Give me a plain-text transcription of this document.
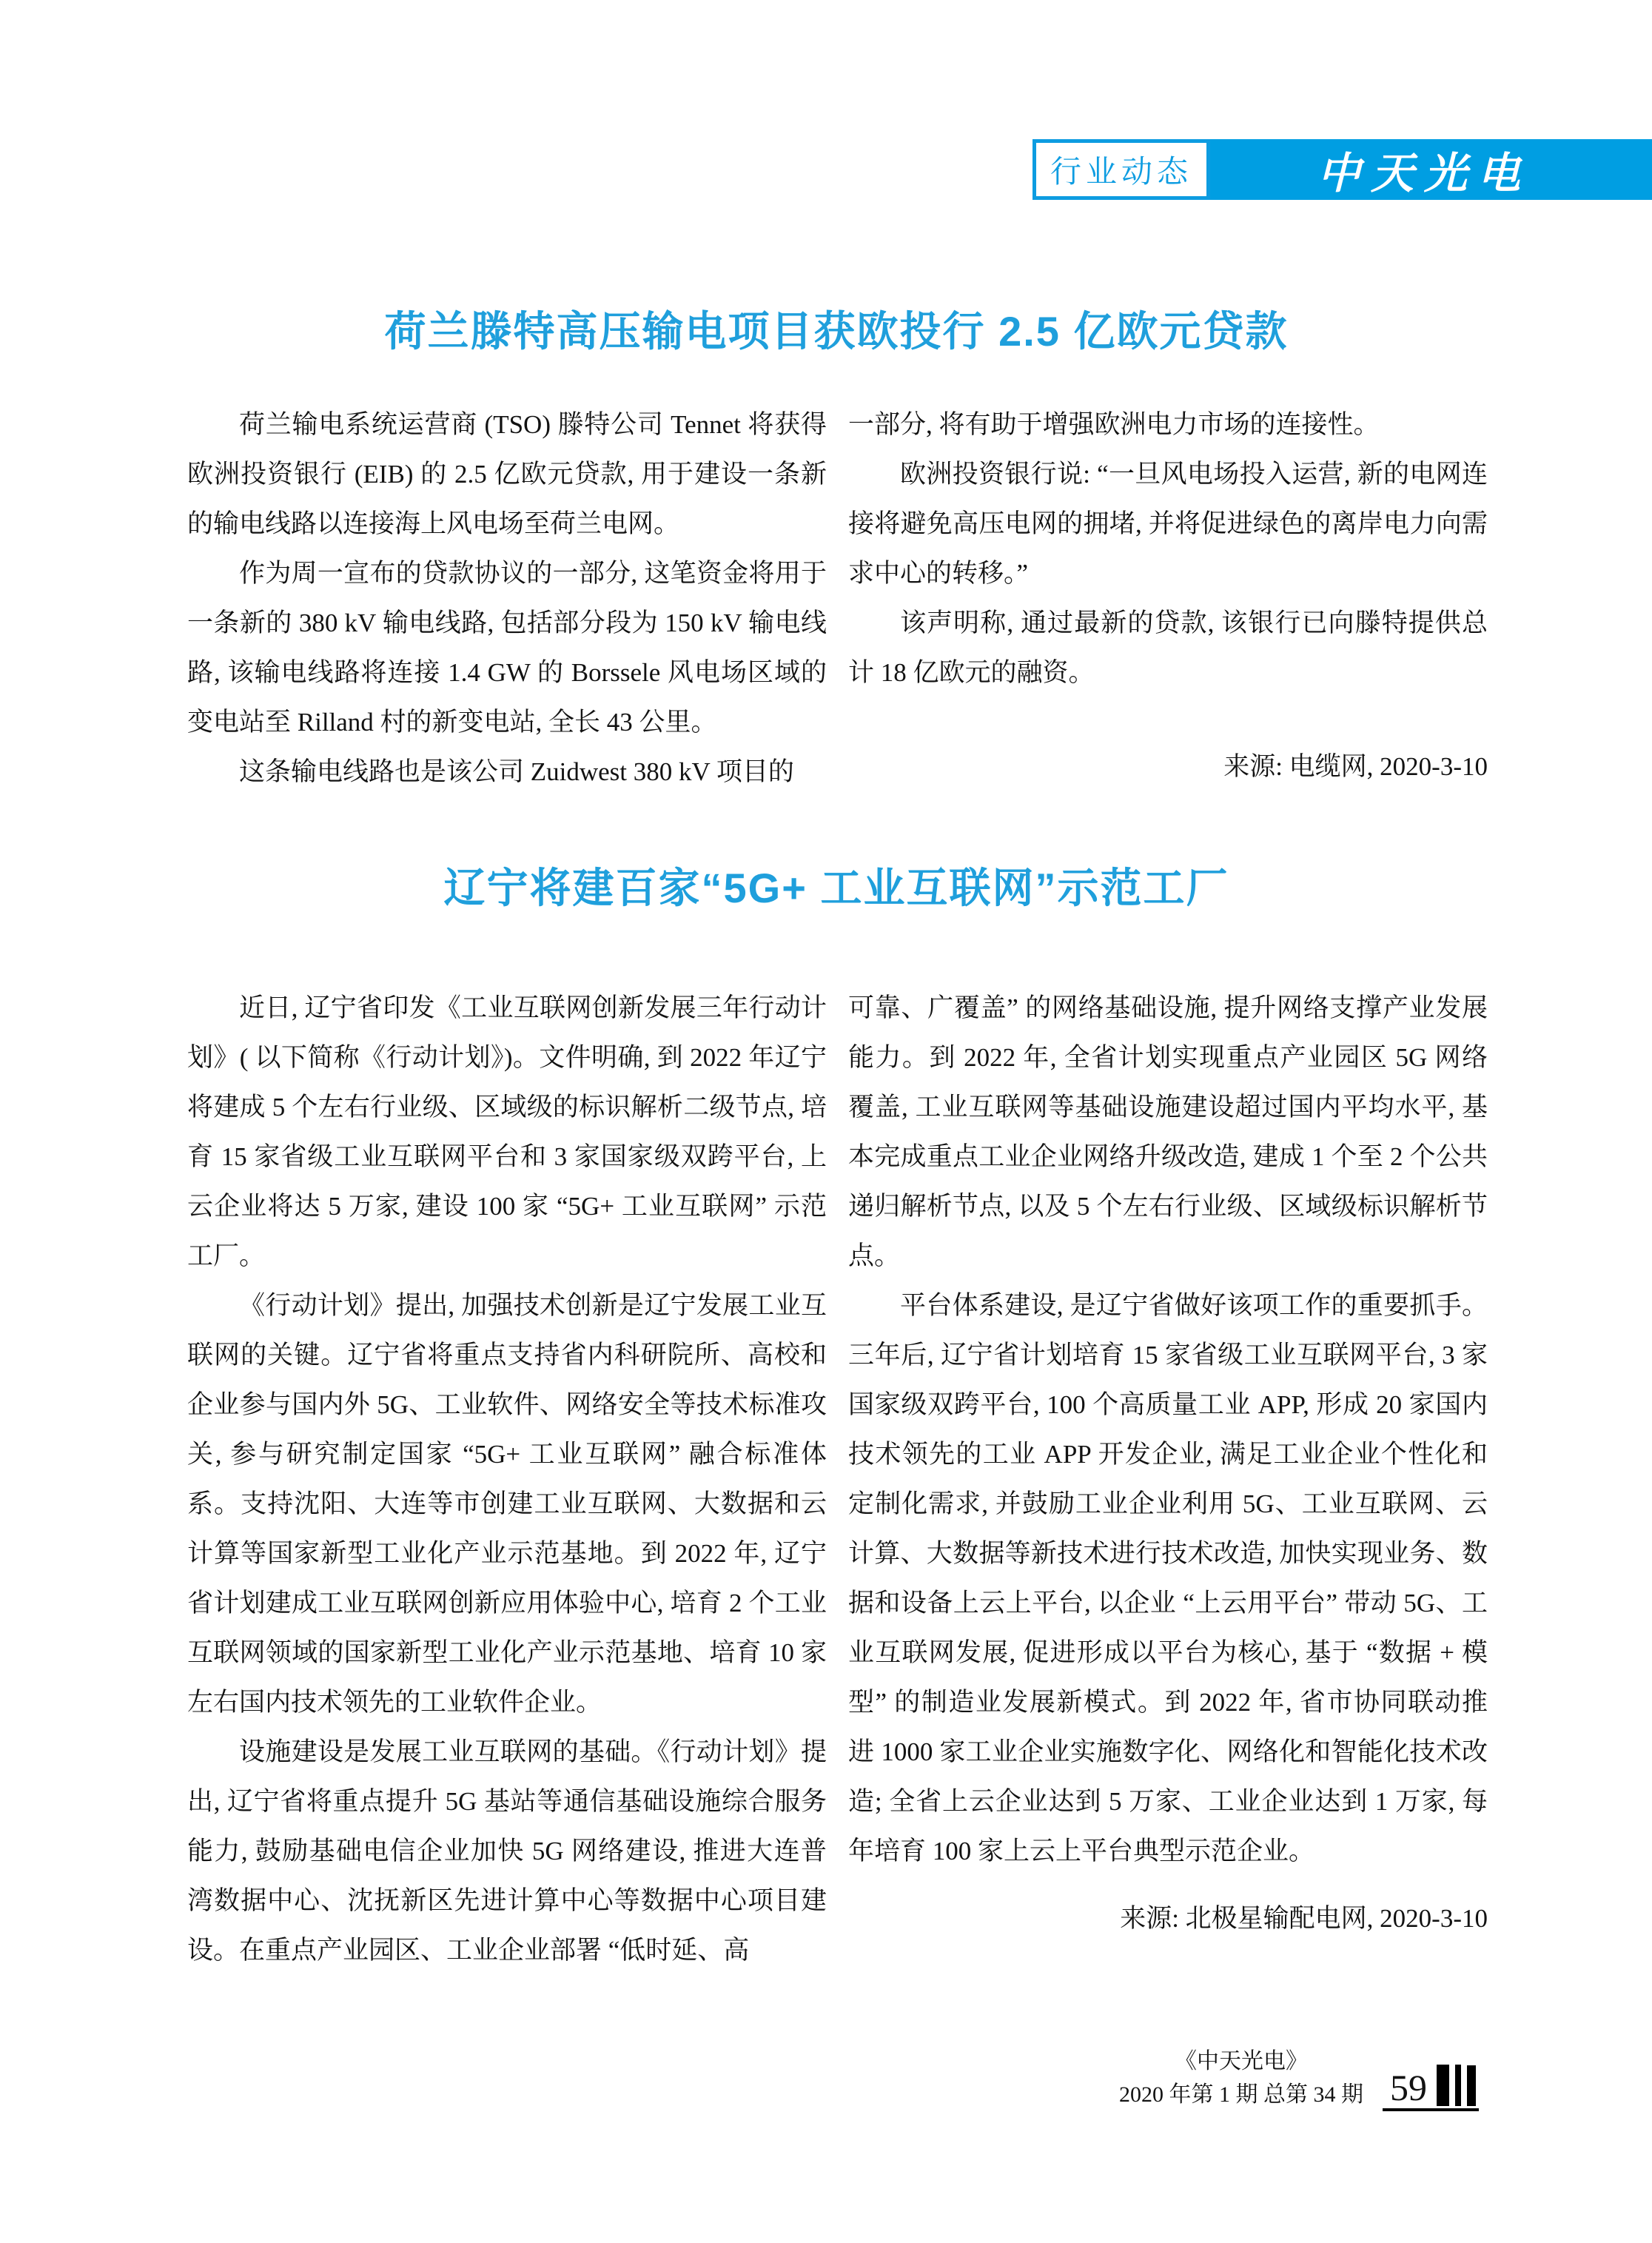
行业动态	中天光电
荷兰滕特高压输电项目获欧投行 2.5 亿欧元贷款

荷兰输电系统运营商 (TSO) 滕特公司 Tennet 将获得欧洲投资银行 (EIB) 的 2.5 亿欧元贷款, 用于建设一条新的输电线路以连接海上风电场至荷兰电网。

作为周一宣布的贷款协议的一部分, 这笔资金将用于一条新的 380 kV 输电线路, 包括部分段为 150 kV 输电线路, 该输电线路将连接 1.4 GW 的 Borssele 风电场区域的变电站至 Rilland 村的新变电站, 全长 43 公里。

这条输电线路也是该公司 Zuidwest 380 kV 项目的

一部分, 将有助于增强欧洲电力市场的连接性。

欧洲投资银行说: “一旦风电场投入运营, 新的电网连接将避免高压电网的拥堵, 并将促进绿色的离岸电力向需求中心的转移。”

该声明称, 通过最新的贷款, 该银行已向滕特提供总计 18 亿欧元的融资。

来源: 电缆网, 2020-3-10

辽宁将建百家“5G+ 工业互联网”示范工厂

近日, 辽宁省印发《工业互联网创新发展三年行动计划》( 以下简称《行动计划》)。文件明确, 到 2022 年辽宁将建成 5 个左右行业级、区域级的标识解析二级节点, 培育 15 家省级工业互联网平台和 3 家国家级双跨平台, 上云企业将达 5 万家, 建设 100 家 “5G+ 工业互联网” 示范工厂。

《行动计划》提出, 加强技术创新是辽宁发展工业互联网的关键。辽宁省将重点支持省内科研院所、高校和企业参与国内外 5G、工业软件、网络安全等技术标准攻关, 参与研究制定国家 “5G+ 工业互联网” 融合标准体系。支持沈阳、大连等市创建工业互联网、大数据和云计算等国家新型工业化产业示范基地。到 2022 年, 辽宁省计划建成工业互联网创新应用体验中心, 培育 2 个工业互联网领域的国家新型工业化产业示范基地、培育 10 家左右国内技术领先的工业软件企业。

设施建设是发展工业互联网的基础。《行动计划》提出, 辽宁省将重点提升 5G 基站等通信基础设施综合服务能力, 鼓励基础电信企业加快 5G 网络建设, 推进大连普湾数据中心、沈抚新区先进计算中心等数据中心项目建设。在重点产业园区、工业企业部署 “低时延、高

可靠、广覆盖” 的网络基础设施, 提升网络支撑产业发展能力。到 2022 年, 全省计划实现重点产业园区 5G 网络覆盖, 工业互联网等基础设施建设超过国内平均水平, 基本完成重点工业企业网络升级改造, 建成 1 个至 2 个公共递归解析节点, 以及 5 个左右行业级、区域级标识解析节点。

平台体系建设, 是辽宁省做好该项工作的重要抓手。三年后, 辽宁省计划培育 15 家省级工业互联网平台, 3 家国家级双跨平台, 100 个高质量工业 APP, 形成 20 家国内技术领先的工业 APP 开发企业, 满足工业企业个性化和定制化需求, 并鼓励工业企业利用 5G、工业互联网、云计算、大数据等新技术进行技术改造, 加快实现业务、数据和设备上云上平台, 以企业 “上云用平台” 带动 5G、工业互联网发展, 促进形成以平台为核心, 基于 “数据 + 模型” 的制造业发展新模式。到 2022 年, 省市协同联动推进 1000 家工业企业实施数字化、网络化和智能化技术改造; 全省上云企业达到 5 万家、工业企业达到 1 万家, 每年培育 100 家上云上平台典型示范企业。

来源: 北极星输配电网, 2020-3-10

《中天光电》
2020 年第 1 期 总第 34 期 59
